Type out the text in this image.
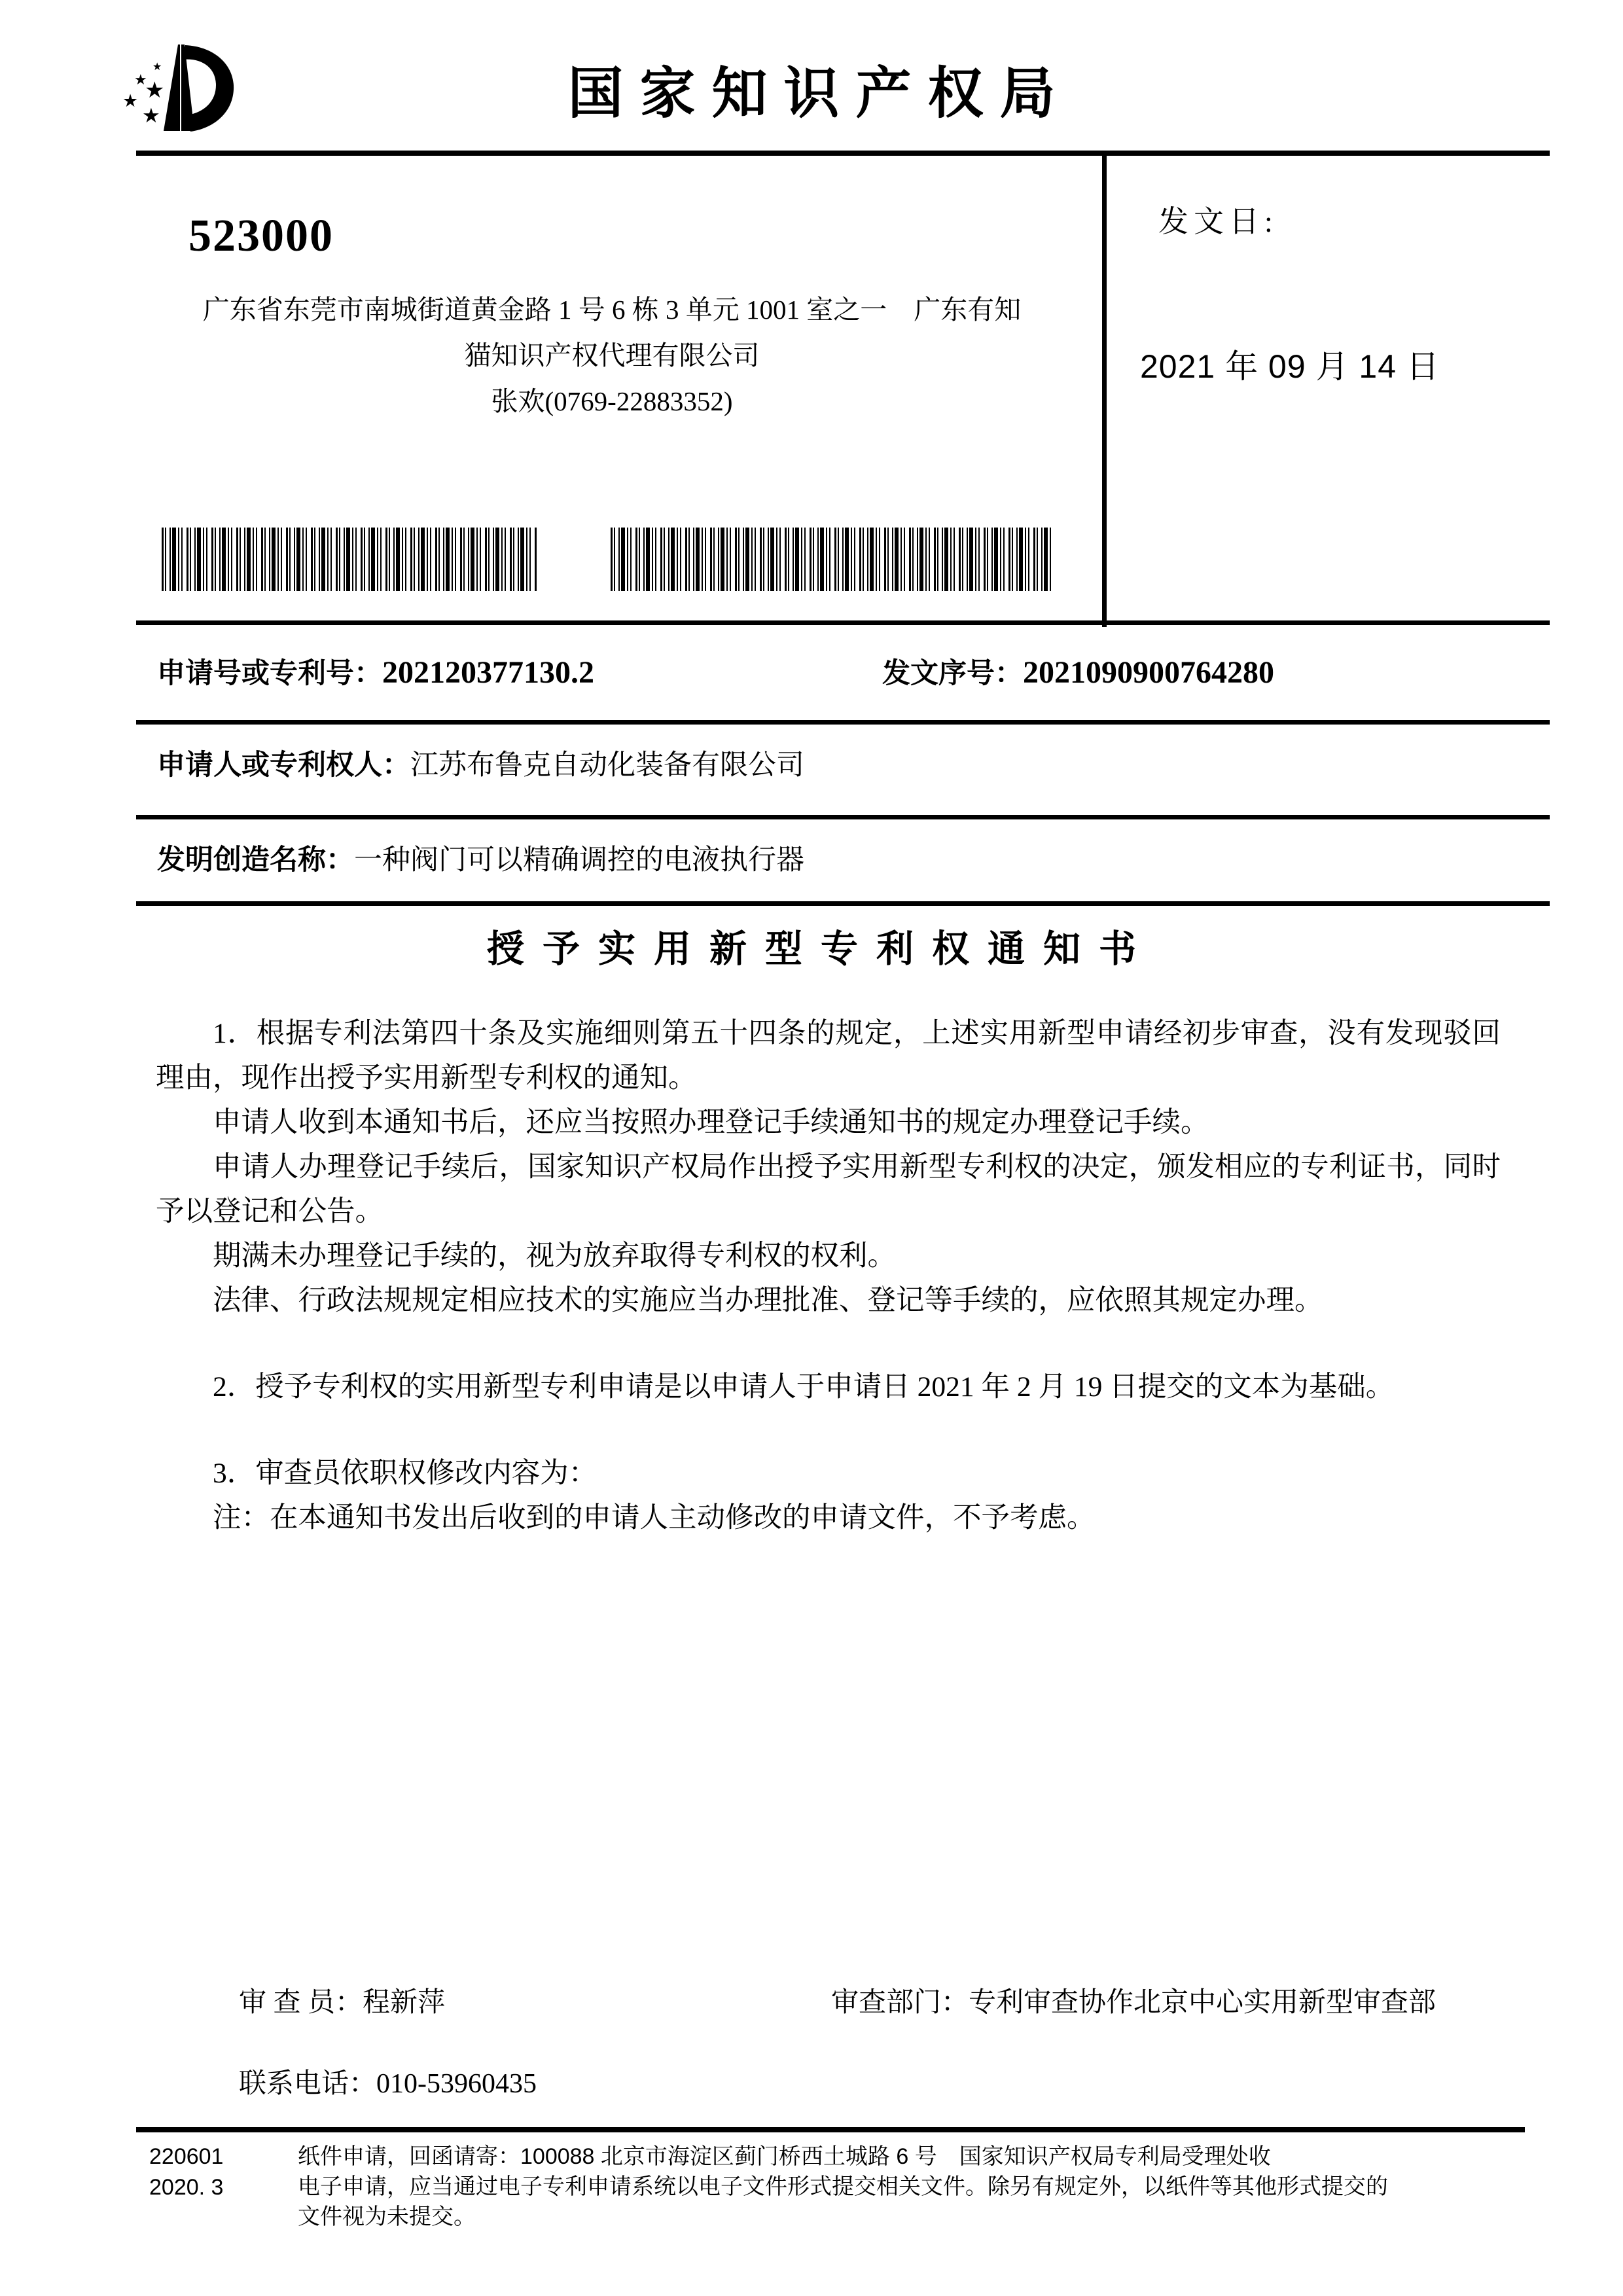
★
★
★
★
★	国家知识产权局
523000
广东省东莞市南城街道黄金路 1 号 6 栋 3 单元 1001 室之一　广东有知
猫知识产权代理有限公司
张欢(0769-22883352)
发文日:
2021 年 09 月 14 日
申请号或专利号：202120377130.2	发文序号：2021090900764280
申请人或专利权人：江苏布鲁克自动化装备有限公司
发明创造名称：一种阀门可以精确调控的电液执行器
授予实用新型专利权通知书

1．根据专利法第四十条及实施细则第五十四条的规定，上述实用新型申请经初步审查，没有发现驳回理由，现作出授予实用新型专利权的通知。

申请人收到本通知书后，还应当按照办理登记手续通知书的规定办理登记手续。

申请人办理登记手续后，国家知识产权局作出授予实用新型专利权的决定，颁发相应的专利证书，同时予以登记和公告。

期满未办理登记手续的，视为放弃取得专利权的权利。

法律、行政法规规定相应技术的实施应当办理批准、登记等手续的，应依照其规定办理。

2．授予专利权的实用新型专利申请是以申请人于申请日 2021 年 2 月 19 日提交的文本为基础。

3．审查员依职权修改内容为：

注：在本通知书发出后收到的申请人主动修改的申请文件，不予考虑。

审 查 员：程新萍	审查部门：专利审查协作北京中心实用新型审查部
联系电话：010-53960435
220601
2020. 3
纸件申请，回函请寄：100088 北京市海淀区蓟门桥西土城路 6 号　国家知识产权局专利局受理处收
电子申请，应当通过电子专利申请系统以电子文件形式提交相关文件。除另有规定外，以纸件等其他形式提交的
文件视为未提交。
